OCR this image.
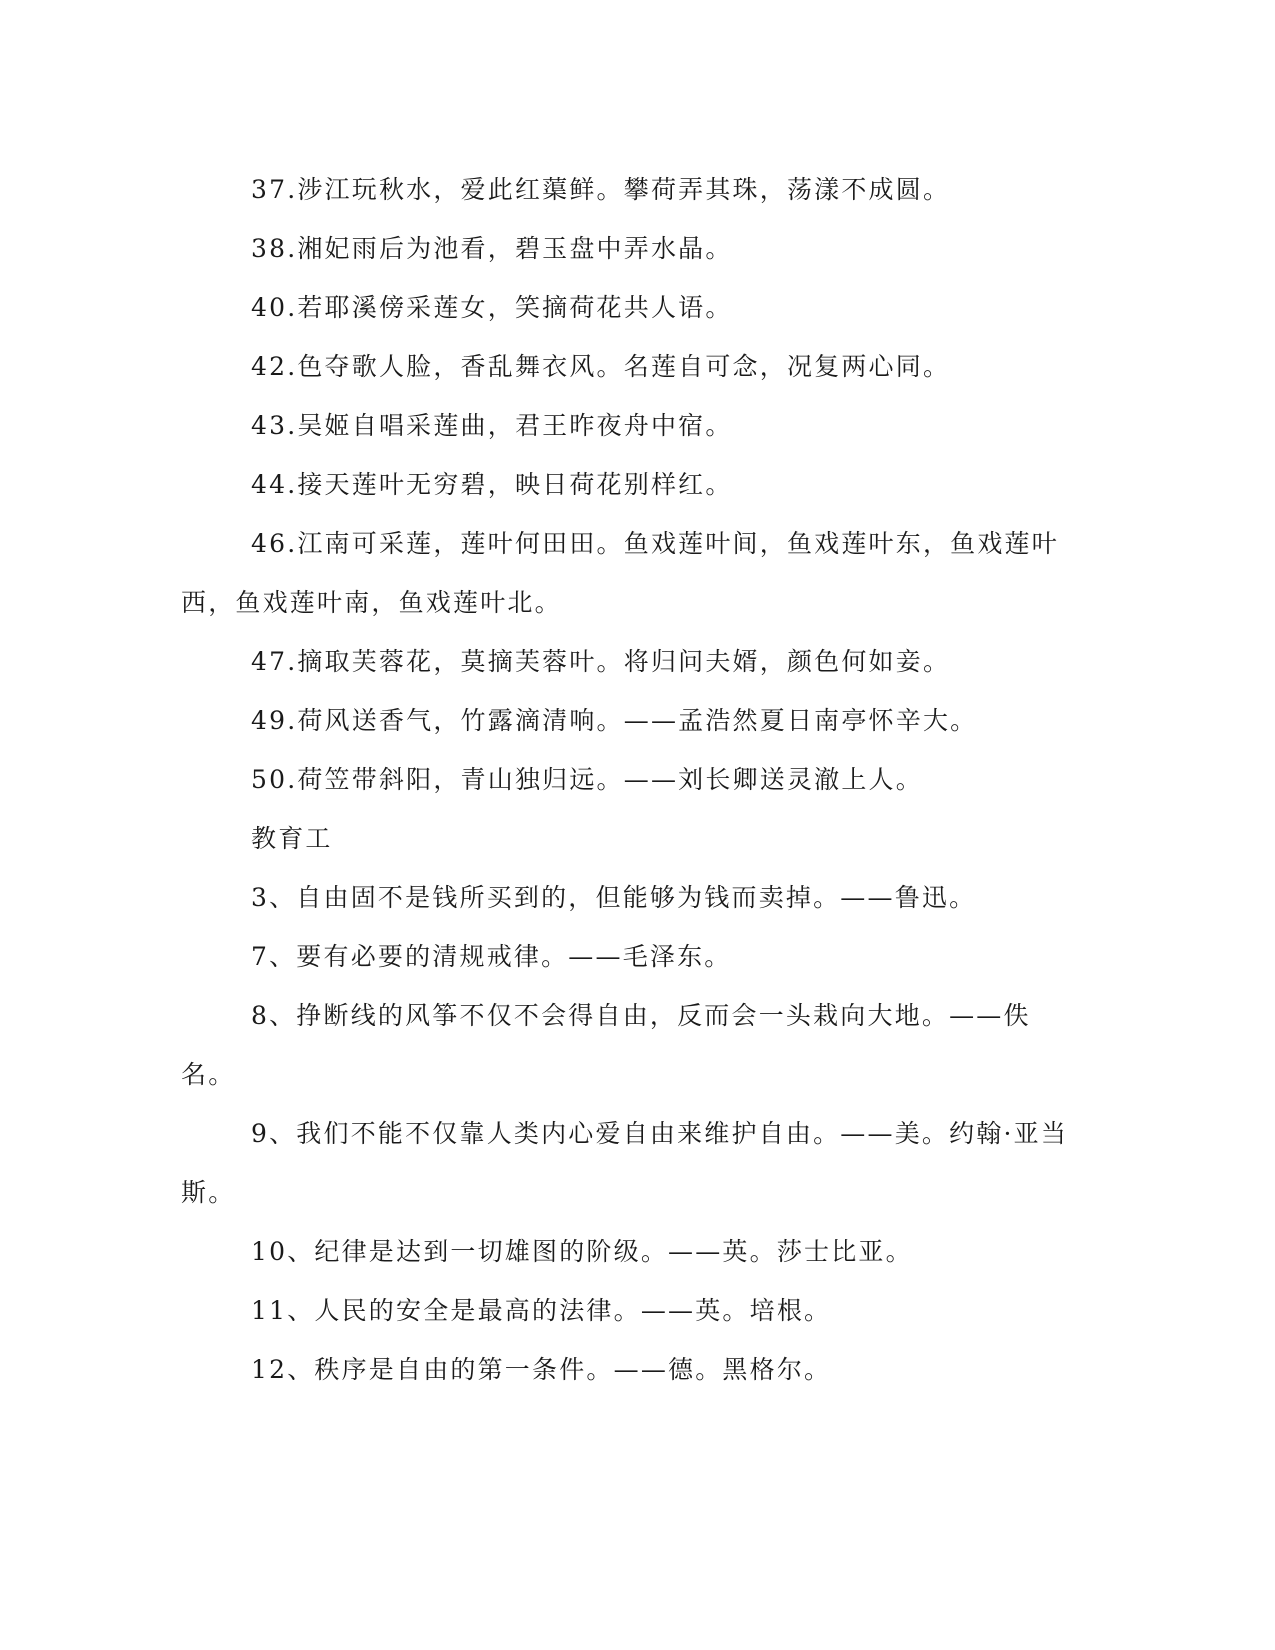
37.涉江玩秋水，爱此红蕖鲜。攀荷弄其珠，荡漾不成圆。

38.湘妃雨后为池看，碧玉盘中弄水晶。

40.若耶溪傍采莲女，笑摘荷花共人语。

42.色夺歌人脸，香乱舞衣风。名莲自可念，况复两心同。

43.吴姬自唱采莲曲，君王昨夜舟中宿。

44.接天莲叶无穷碧，映日荷花别样红。

46.江南可采莲，莲叶何田田。鱼戏莲叶间，鱼戏莲叶东，鱼戏莲叶西，鱼戏莲叶南，鱼戏莲叶北。

47.摘取芙蓉花，莫摘芙蓉叶。将归问夫婿，颜色何如妾。

49.荷风送香气，竹露滴清响。——孟浩然夏日南亭怀辛大。

50.荷笠带斜阳，青山独归远。——刘长卿送灵澈上人。

教育工

3、自由固不是钱所买到的，但能够为钱而卖掉。——鲁迅。

7、要有必要的清规戒律。——毛泽东。

8、挣断线的风筝不仅不会得自由，反而会一头栽向大地。——佚名。

9、我们不能不仅靠人类内心爱自由来维护自由。——美。约翰·亚当斯。

10、纪律是达到一切雄图的阶级。——英。莎士比亚。

11、人民的安全是最高的法律。——英。培根。

12、秩序是自由的第一条件。——德。黑格尔。
